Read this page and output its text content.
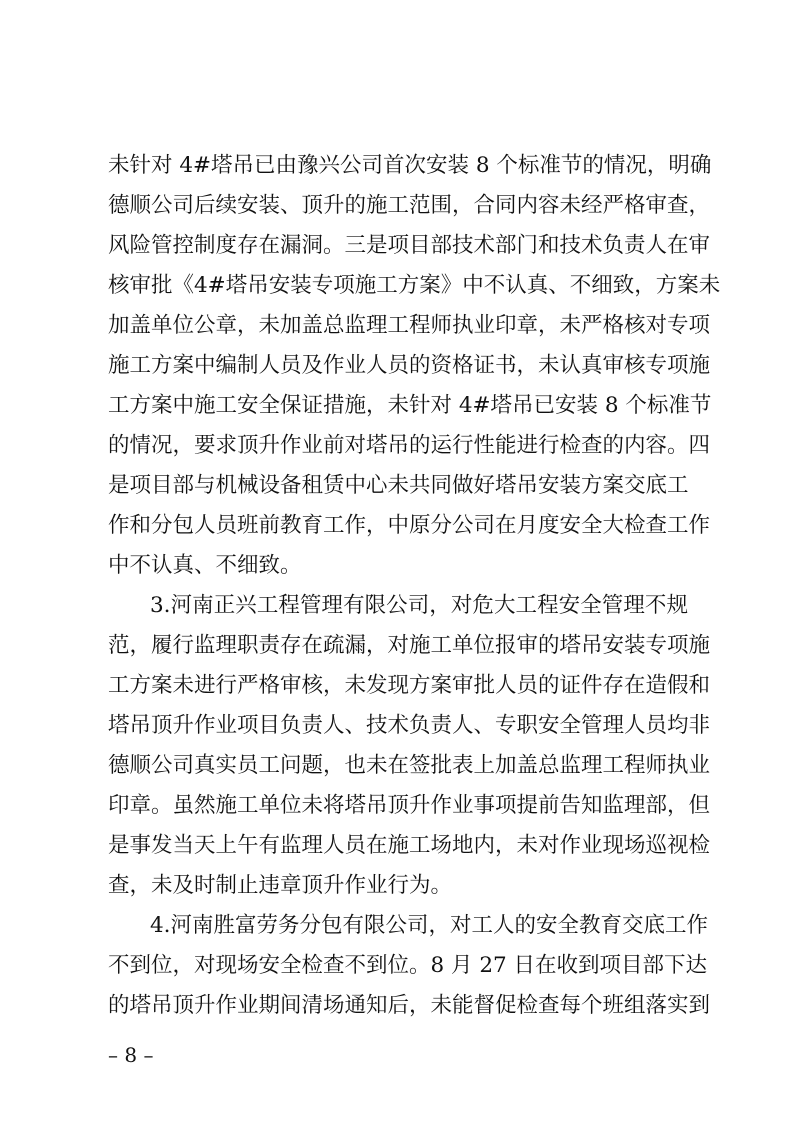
未针对 4#塔吊已由豫兴公司首次安装 8 个标准节的情况，明确
德顺公司后续安装、顶升的施工范围，合同内容未经严格审查，
风险管控制度存在漏洞。三是项目部技术部门和技术负责人在审
核审批《4#塔吊安装专项施工方案》中不认真、不细致，方案未
加盖单位公章，未加盖总监理工程师执业印章，未严格核对专项
施工方案中编制人员及作业人员的资格证书，未认真审核专项施
工方案中施工安全保证措施，未针对 4#塔吊已安装 8 个标准节
的情况，要求顶升作业前对塔吊的运行性能进行检查的内容。四
是项目部与机械设备租赁中心未共同做好塔吊安装方案交底工
作和分包人员班前教育工作，中原分公司在月度安全大检查工作
中不认真、不细致。
3.河南正兴工程管理有限公司，对危大工程安全管理不规
范，履行监理职责存在疏漏，对施工单位报审的塔吊安装专项施
工方案未进行严格审核，未发现方案审批人员的证件存在造假和
塔吊顶升作业项目负责人、技术负责人、专职安全管理人员均非
德顺公司真实员工问题，也未在签批表上加盖总监理工程师执业
印章。虽然施工单位未将塔吊顶升作业事项提前告知监理部，但
是事发当天上午有监理人员在施工场地内，未对作业现场巡视检
查，未及时制止违章顶升作业行为。
4.河南胜富劳务分包有限公司，对工人的安全教育交底工作
不到位，对现场安全检查不到位。8 月 27 日在收到项目部下达
的塔吊顶升作业期间清场通知后，未能督促检查每个班组落实到
– 8 –
